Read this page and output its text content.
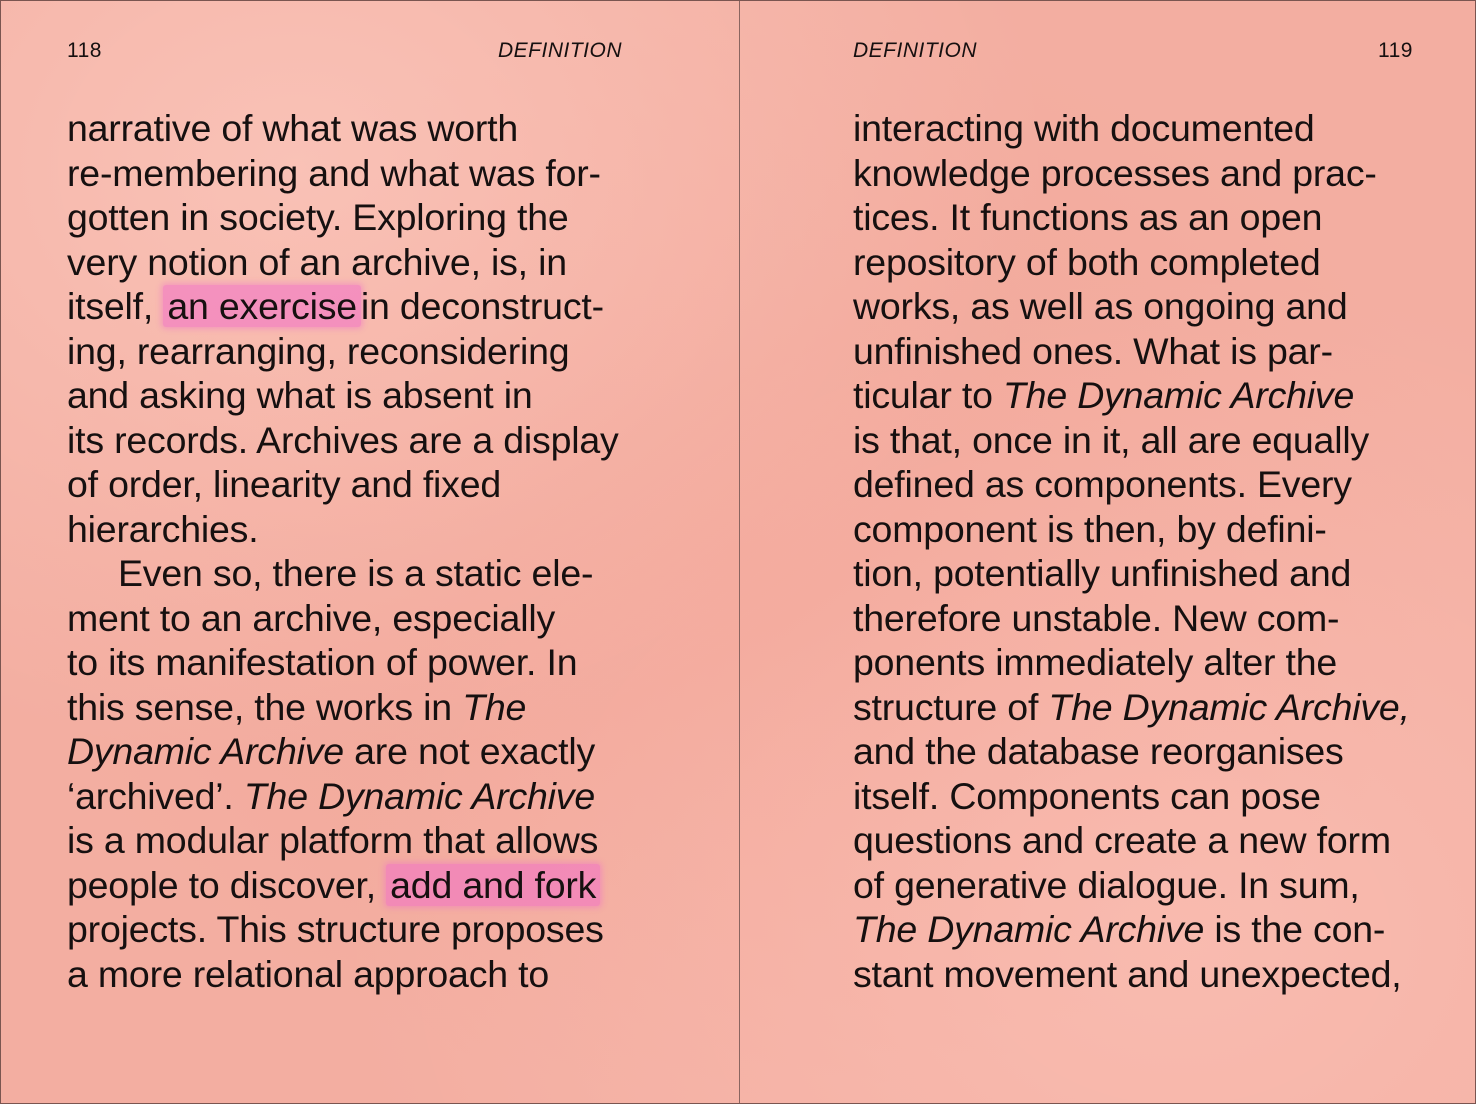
118	DEFINITION
narrative of what was worth
re-membering and what was for-
gotten in society. Exploring the
very notion of an archive, is, in
itself, an exercise in deconstruct-
ing, rearranging, reconsidering
and asking what is absent in
its records. Archives are a display
of order, linearity and fixed
hierarchies.
Even so, there is a static ele-
ment to an archive, especially
to its manifestation of power. In
this sense, the works in The
Dynamic Archive are not exactly
‘archived’. The Dynamic Archive
is a modular platform that allows
people to discover, add and fork
projects. This structure proposes
a more relational approach to
DEFINITION	119
interacting with documented
knowledge processes and prac-
tices. It functions as an open
repository of both completed
works, as well as ongoing and
unfinished ones. What is par-
ticular to The Dynamic Archive
is that, once in it, all are equally
defined as components. Every
component is then, by defini-
tion, potentially unfinished and
therefore unstable. New com-
ponents immediately alter the
structure of The Dynamic Archive,
and the database reorganises
itself. Components can pose
questions and create a new form
of generative dialogue. In sum,
The Dynamic Archive is the con-
stant movement and unexpected,
